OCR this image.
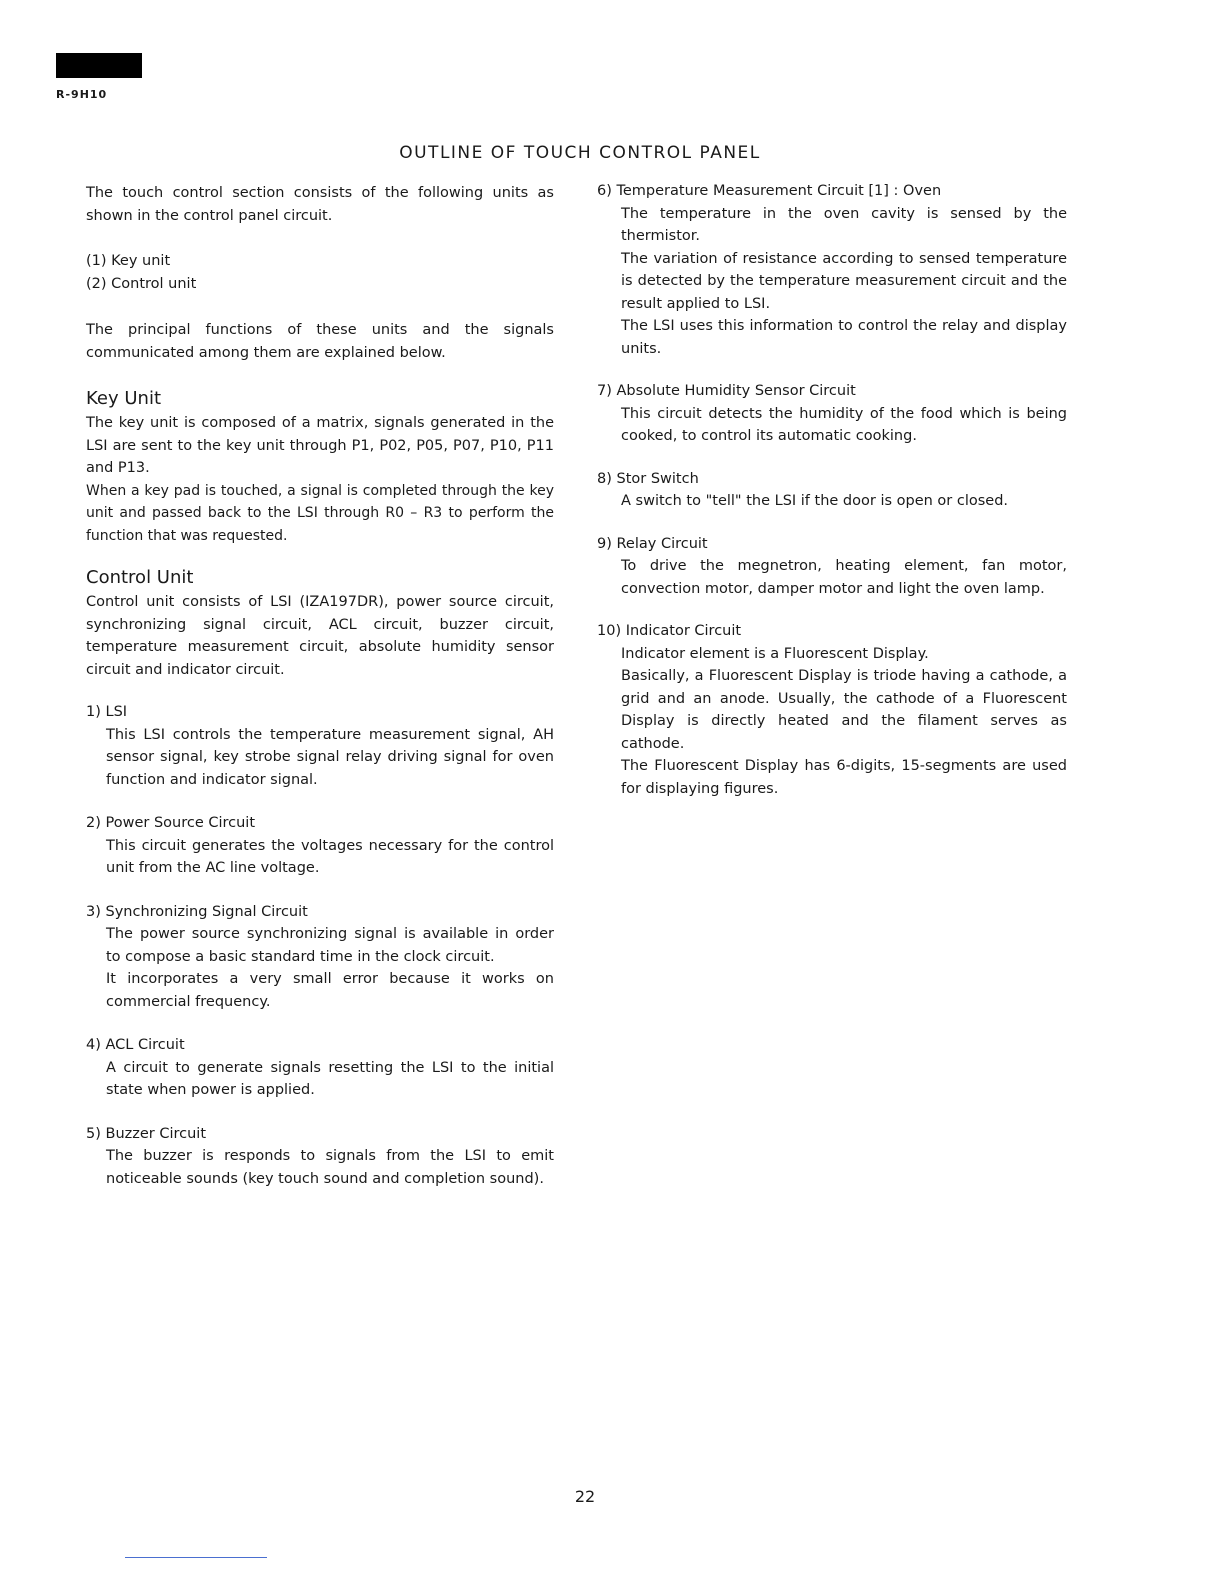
R-9H10
OUTLINE OF TOUCH CONTROL PANEL

The touch control section consists of the following units as shown in the control panel circuit.

(1) Key unit

(2) Control unit

The principal functions of these units and the signals communicated among them are explained below.

Key Unit

The key unit is composed of a matrix, signals generated in the LSI are sent to the key unit through P1, P02, P05, P07, P10, P11 and P13.

When a key pad is touched, a signal is completed through the key unit and passed back to the LSI through R0 – R3 to perform the function that was requested.

Control Unit

Control unit consists of LSI (IZA197DR), power source circuit, synchronizing signal circuit, ACL circuit, buzzer circuit, temperature measurement circuit, absolute humidity sensor circuit and indicator circuit.

1) LSI

This LSI controls the temperature measurement signal, AH sensor signal, key strobe signal relay driving signal for oven function and indicator signal.

2) Power Source Circuit

This circuit generates the voltages necessary for the control unit from the AC line voltage.

3) Synchronizing Signal Circuit

The power source synchronizing signal is available in order to compose a basic standard time in the clock circuit.

It incorporates a very small error because it works on commercial frequency.

4) ACL Circuit

A circuit to generate signals resetting the LSI to the initial state when power is applied.

5) Buzzer Circuit

The buzzer is responds to signals from the LSI to emit noticeable sounds (key touch sound and completion sound).

6) Temperature Measurement Circuit [1] : Oven

The temperature in the oven cavity is sensed by the thermistor.

The variation of resistance according to sensed temperature is detected by the temperature measurement circuit and the result applied to LSI.

The LSI uses this information to control the relay and display units.

7) Absolute Humidity Sensor Circuit

This circuit detects the humidity of the food which is being cooked, to control its automatic cooking.

8) Stor Switch

A switch to "tell" the LSI if the door is open or closed.

9) Relay Circuit

To drive the megnetron, heating element, fan motor, convection motor, damper motor and light the oven lamp.

10) Indicator Circuit

Indicator element is a Fluorescent Display.

Basically, a Fluorescent Display is triode having a cathode, a grid and an anode. Usually, the cathode of a Fluorescent Display is directly heated and the filament serves as cathode.

The Fluorescent Display has 6-digits, 15-segments are used for displaying figures.

22
